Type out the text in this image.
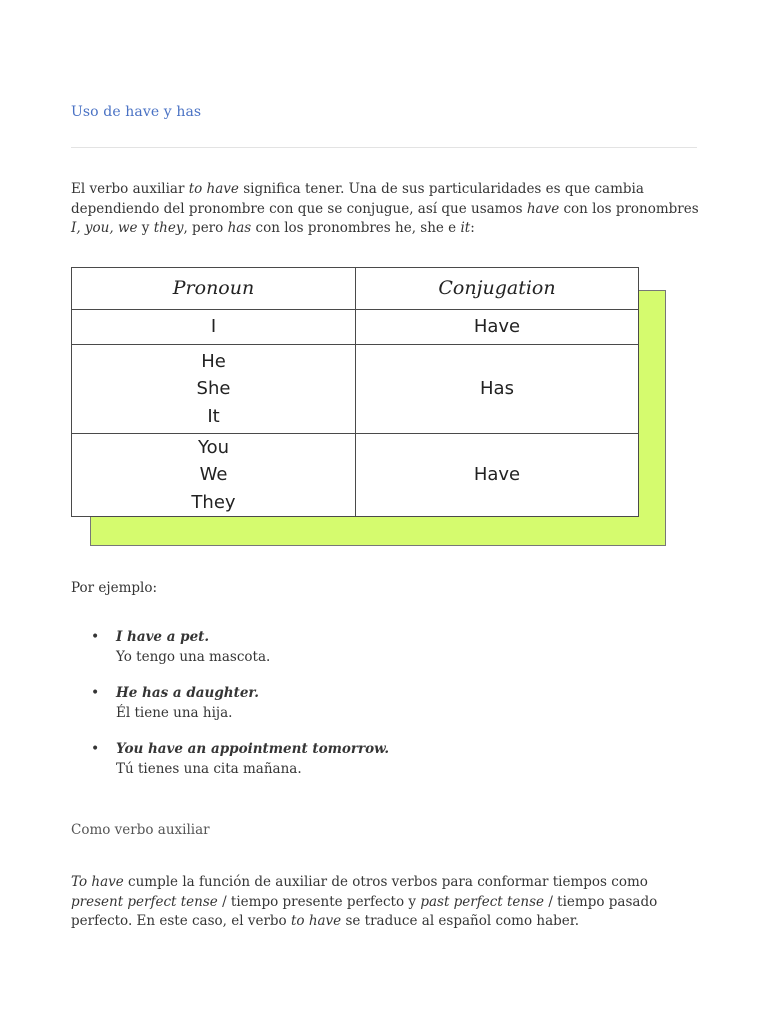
Uso de have y has
El verbo auxiliar to have significa tener. Una de sus particularidades es que cambia dependiendo del pronombre con que se conjugue, así que usamos have con los pronombres I, you, we y they, pero has con los pronombres he, she e it:
Pronoun	Conjugation
I	Have
He
She
It
Has
You
We
They
Have
Por ejemplo:
• I have a pet.
Yo tengo una mascota.
• He has a daughter.
Él tiene una hija.
• You have an appointment tomorrow.
Tú tienes una cita mañana.
Como verbo auxiliar
To have cumple la función de auxiliar de otros verbos para conformar tiempos como present perfect tense / tiempo presente perfecto y past perfect tense / tiempo pasado perfecto. En este caso, el verbo to have se traduce al español como haber.
